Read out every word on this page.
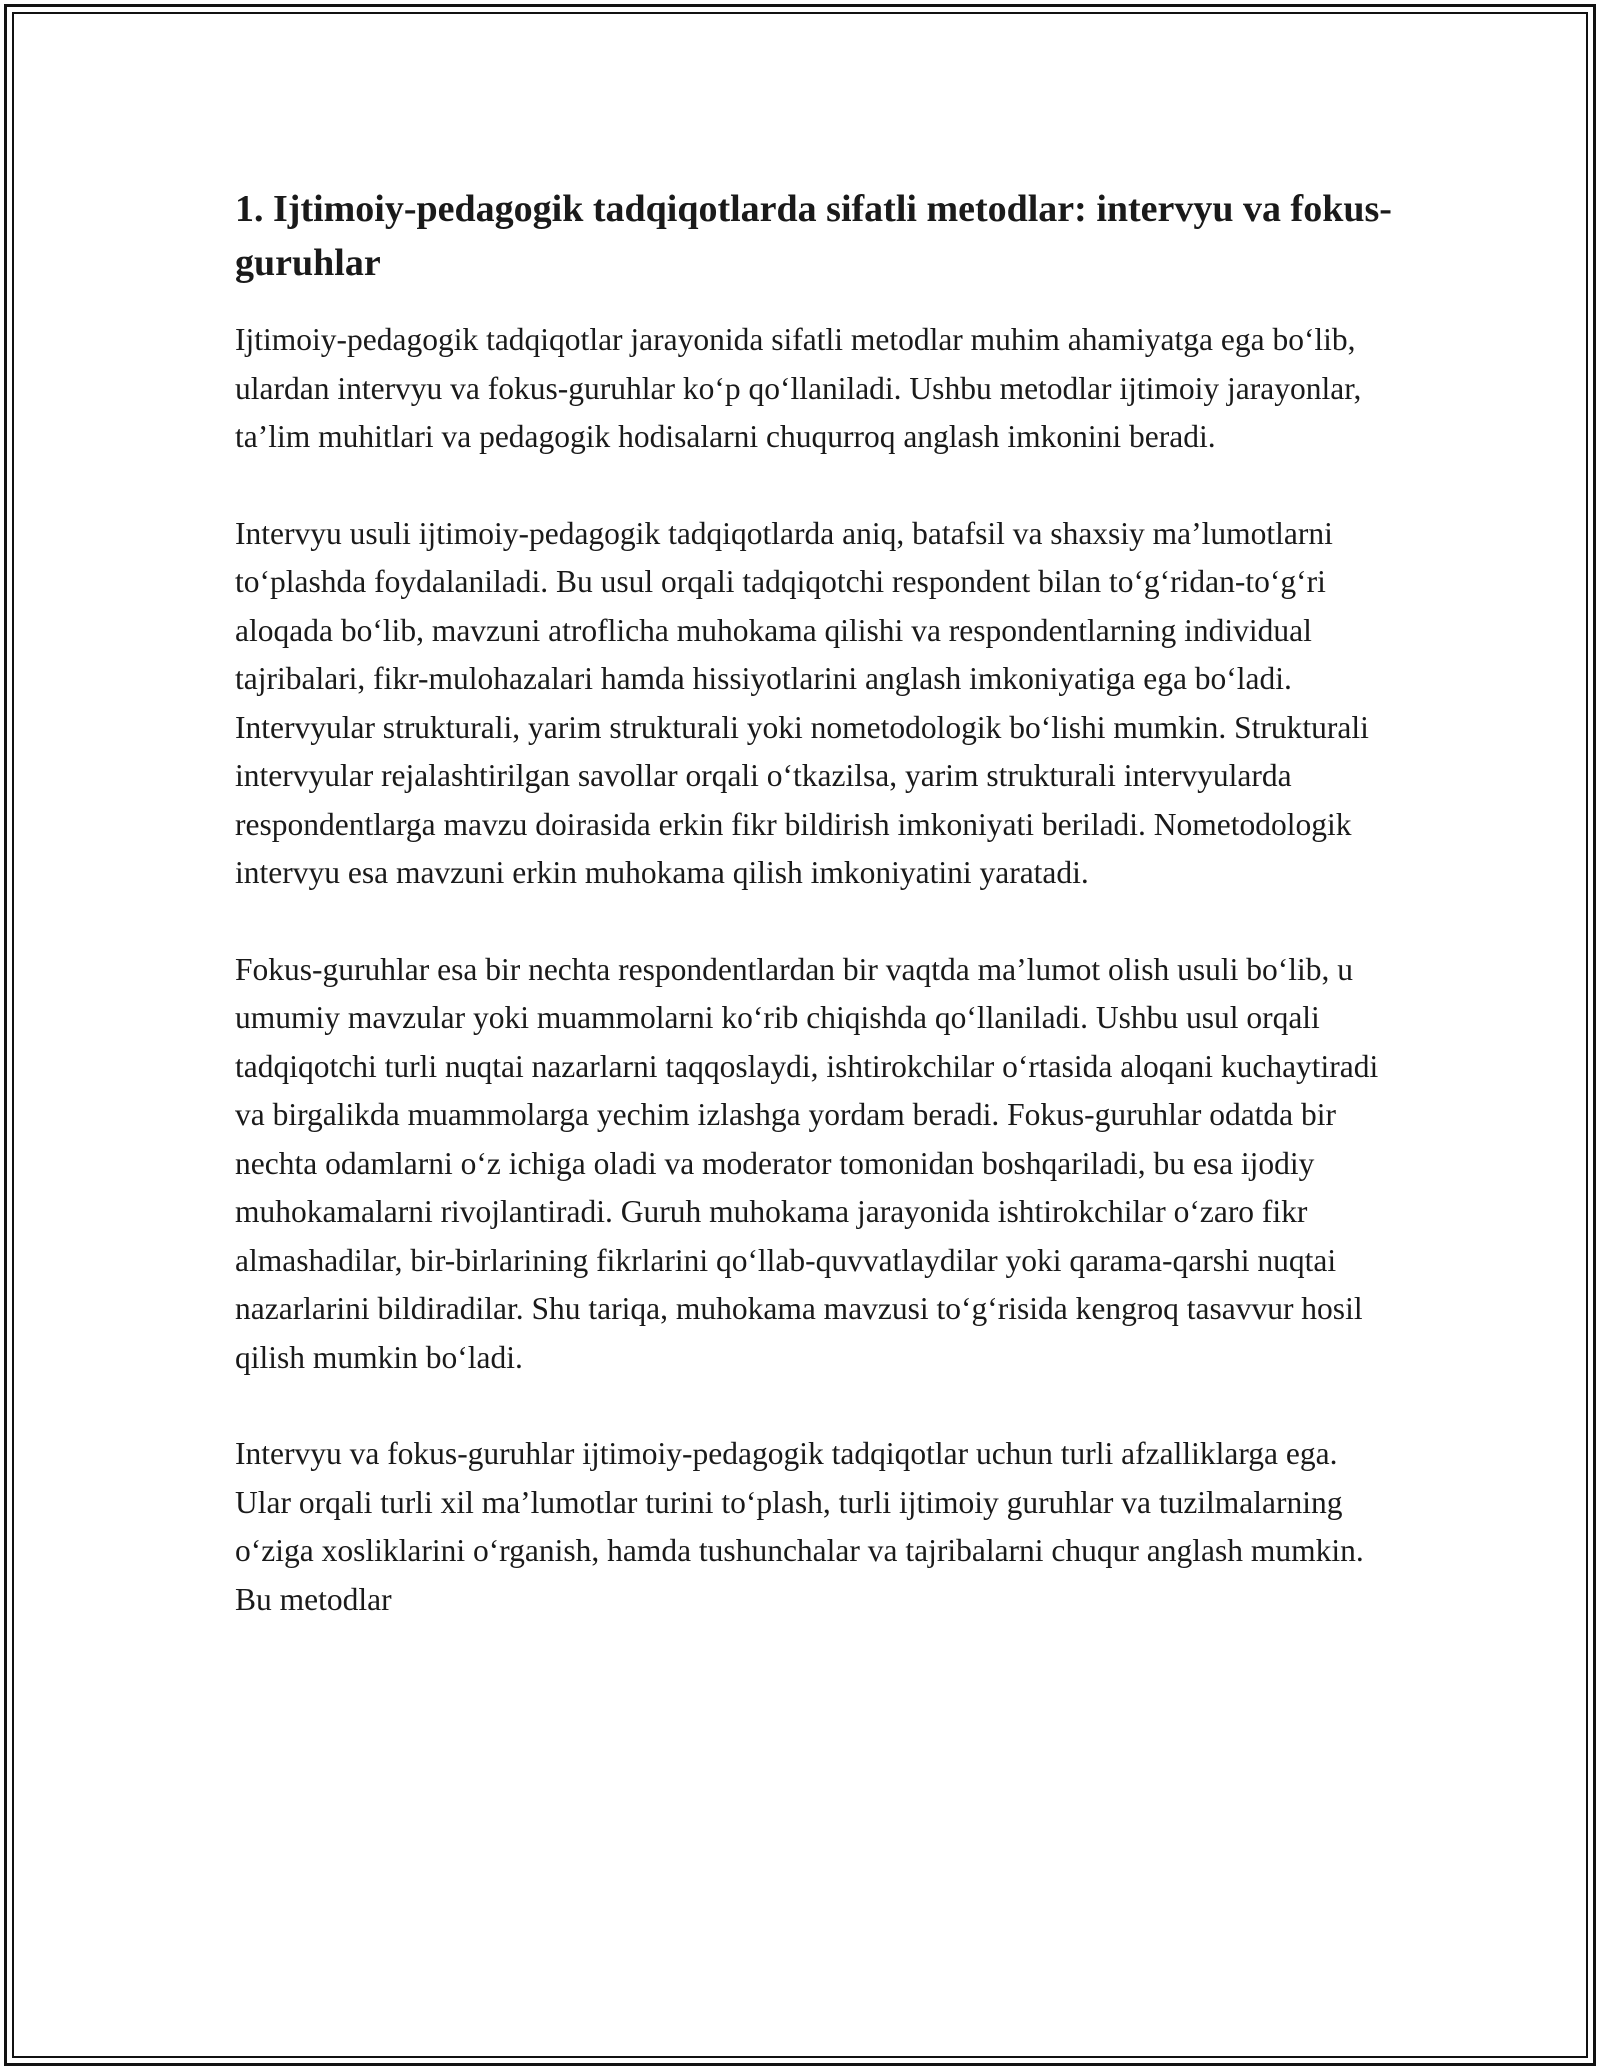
1. Ijtimoiy-pedagogik tadqiqotlarda sifatli metodlar: intervyu va fokus-guruhlar

Ijtimoiy-pedagogik tadqiqotlar jarayonida sifatli metodlar muhim ahamiyatga ega bo‘lib, ulardan intervyu va fokus-guruhlar ko‘p qo‘llaniladi. Ushbu metodlar ijtimoiy jarayonlar, ta’lim muhitlari va pedagogik hodisalarni chuqurroq anglash imkonini beradi.

Intervyu usuli ijtimoiy-pedagogik tadqiqotlarda aniq, batafsil va shaxsiy ma’lumotlarni to‘plashda foydalaniladi. Bu usul orqali tadqiqotchi respondent bilan to‘g‘ridan-to‘g‘ri aloqada bo‘lib, mavzuni atroflicha muhokama qilishi va respondentlarning individual tajribalari, fikr-mulohazalari hamda hissiyotlarini anglash imkoniyatiga ega bo‘ladi. Intervyular strukturali, yarim strukturali yoki nometodologik bo‘lishi mumkin. Strukturali intervyular rejalashtirilgan savollar orqali o‘tkazilsa, yarim strukturali intervyularda respondentlarga mavzu doirasida erkin fikr bildirish imkoniyati beriladi. Nometodologik intervyu esa mavzuni erkin muhokama qilish imkoniyatini yaratadi.

Fokus-guruhlar esa bir nechta respondentlardan bir vaqtda ma’lumot olish usuli bo‘lib, u umumiy mavzular yoki muammolarni ko‘rib chiqishda qo‘llaniladi. Ushbu usul orqali tadqiqotchi turli nuqtai nazarlarni taqqoslaydi, ishtirokchilar o‘rtasida aloqani kuchaytiradi va birgalikda muammolarga yechim izlashga yordam beradi. Fokus-guruhlar odatda bir nechta odamlarni o‘z ichiga oladi va moderator tomonidan boshqariladi, bu esa ijodiy muhokamalarni rivojlantiradi. Guruh muhokama jarayonida ishtirokchilar o‘zaro fikr almashadilar, bir-birlarining fikrlarini qo‘llab-quvvatlaydilar yoki qarama-qarshi nuqtai nazarlarini bildiradilar. Shu tariqa, muhokama mavzusi to‘g‘risida kengroq tasavvur hosil qilish mumkin bo‘ladi.

Intervyu va fokus-guruhlar ijtimoiy-pedagogik tadqiqotlar uchun turli afzalliklarga ega. Ular orqali turli xil ma’lumotlar turini to‘plash, turli ijtimoiy guruhlar va tuzilmalarning o‘ziga xosliklarini o‘rganish, hamda tushunchalar va tajribalarni chuqur anglash mumkin. Bu metodlar
